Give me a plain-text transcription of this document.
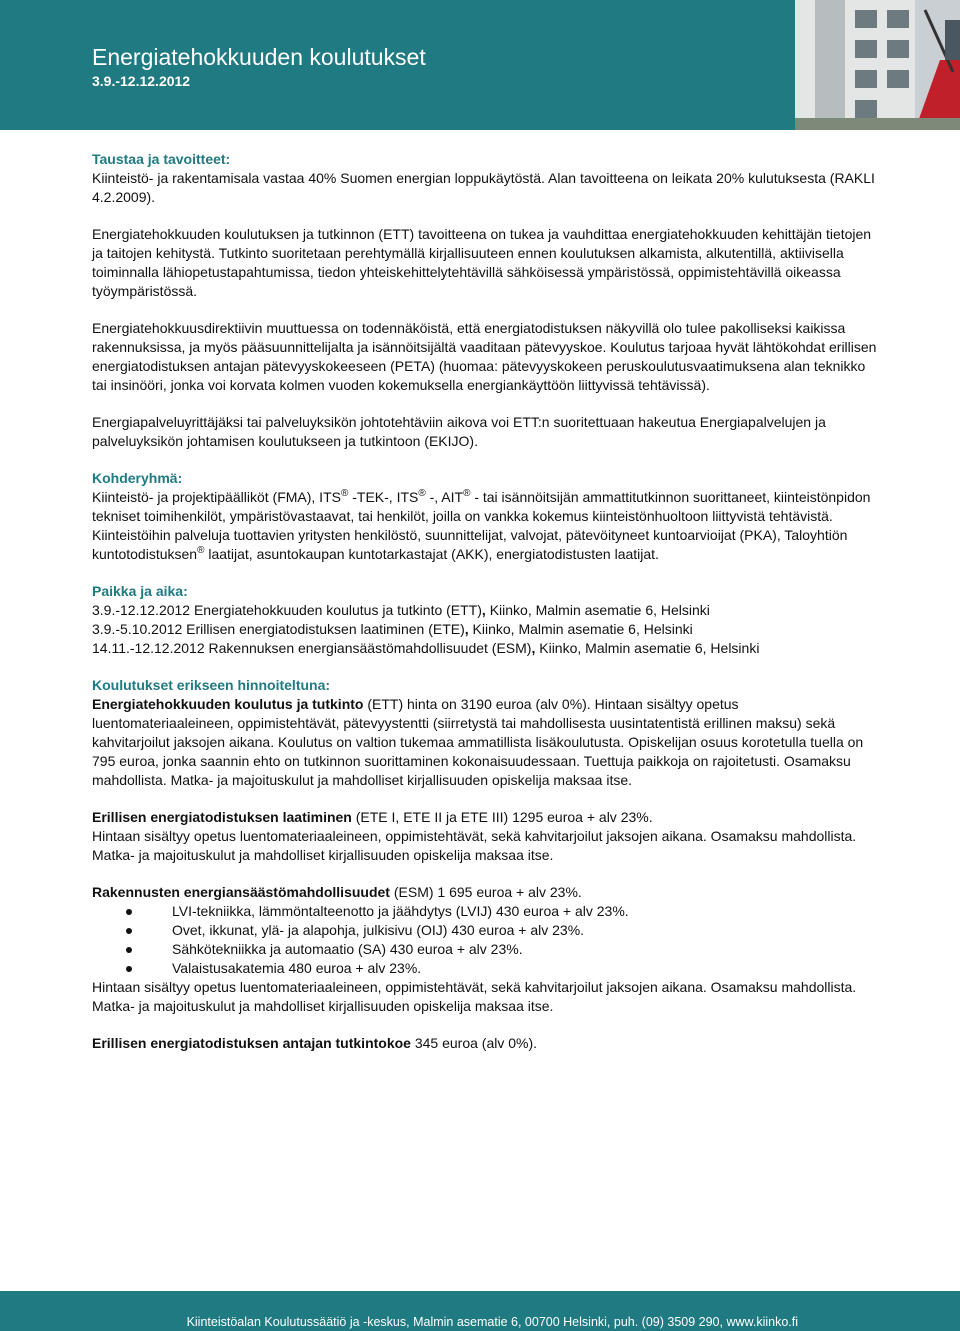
Energiatehokkuuden koulutukset
3.9.-12.12.2012

Taustaa ja tavoitteet:

Kiinteistö- ja rakentamisala vastaa 40% Suomen energian loppukäytöstä. Alan tavoitteena on leikata 20% kulutuksesta (RAKLI 4.2.2009).

Energiatehokkuuden koulutuksen ja tutkinnon (ETT) tavoitteena on tukea ja vauhdittaa energiatehokkuuden kehittäjän tietojen ja taitojen kehitystä. Tutkinto suoritetaan perehtymällä kirjallisuuteen ennen koulutuksen alkamista, alkutentillä, aktiivisella toiminnalla lähiopetustapahtumissa, tiedon yhteiskehittelytehtävillä sähköisessä ympäristössä, oppimistehtävillä oikeassa työympäristössä.

Energiatehokkuusdirektiivin muuttuessa on todennäköistä, että energiatodistuksen näkyvillä olo tulee pakolliseksi kaikissa rakennuksissa, ja myös pääsuunnittelijalta ja isännöitsijältä vaaditaan pätevyyskoe. Koulutus tarjoaa hyvät lähtökohdat erillisen energiatodistuksen antajan pätevyyskokeeseen (PETA) (huomaa: pätevyyskokeen peruskoulutusvaatimuksena alan teknikko tai insinööri, jonka voi korvata kolmen vuoden kokemuksella energiankäyttöön liittyvissä tehtävissä).

Energiapalveluyrittäjäksi tai palveluyksikön johtotehtäviin aikova voi ETT:n suoritettuaan hakeutua Energiapalvelujen ja palveluyksikön johtamisen koulutukseen ja tutkintoon (EKIJO).

Kohderyhmä:

Kiinteistö- ja projektipäälliköt (FMA), ITS® -TEK-, ITS® -, AIT® - tai isännöitsijän ammattitutkinnon suorittaneet, kiinteistönpidon tekniset toimihenkilöt, ympäristövastaavat, tai henkilöt, joilla on vankka kokemus kiinteistönhuoltoon liittyvistä tehtävistä. Kiinteistöihin palveluja tuottavien yritysten henkilöstö, suunnittelijat, valvojat, pätevöityneet kuntoarvioijat (PKA), Taloyhtiön kuntotodistuksen® laatijat, asuntokaupan kuntotarkastajat (AKK), energiatodistusten laatijat.

Paikka ja aika:

3.9.-12.12.2012 Energiatehokkuuden koulutus ja tutkinto (ETT), Kiinko, Malmin asematie 6, Helsinki

3.9.-5.10.2012 Erillisen energiatodistuksen laatiminen (ETE), Kiinko, Malmin asematie 6, Helsinki

14.11.-12.12.2012 Rakennuksen energiansäästömahdollisuudet (ESM), Kiinko, Malmin asematie 6, Helsinki

Koulutukset erikseen hinnoiteltuna:

Energiatehokkuuden koulutus ja tutkinto (ETT) hinta on 3190 euroa (alv 0%). Hintaan sisältyy opetus luentomateriaaleineen, oppimistehtävät, pätevyystentti (siirretystä tai mahdollisesta uusintatentistä erillinen maksu) sekä kahvitarjoilut jaksojen aikana. Koulutus on valtion tukemaa ammatillista lisäkoulutusta. Opiskelijan osuus korotetulla tuella on 795 euroa, jonka saannin ehto on tutkinnon suorittaminen kokonaisuudessaan. Tuettuja paikkoja on rajoitetusti. Osamaksu mahdollista. Matka- ja majoituskulut ja mahdolliset kirjallisuuden opiskelija maksaa itse.

Erillisen energiatodistuksen laatiminen (ETE I, ETE II ja ETE III) 1295 euroa + alv 23%.

Hintaan sisältyy opetus luentomateriaaleineen, oppimistehtävät, sekä kahvitarjoilut jaksojen aikana. Osamaksu mahdollista. Matka- ja majoituskulut ja mahdolliset kirjallisuuden opiskelija maksaa itse.

Rakennusten energiansäästömahdollisuudet (ESM) 1 695 euroa + alv 23%.

LVI-tekniikka, lämmöntalteenotto ja jäähdytys (LVIJ) 430 euroa + alv 23%.
Ovet, ikkunat, ylä- ja alapohja, julkisivu (OIJ) 430 euroa + alv 23%.
Sähkötekniikka ja automaatio (SA) 430 euroa + alv 23%.
Valaistusakatemia 480 euroa + alv 23%.

Hintaan sisältyy opetus luentomateriaaleineen, oppimistehtävät, sekä kahvitarjoilut jaksojen aikana. Osamaksu mahdollista. Matka- ja majoituskulut ja mahdolliset kirjallisuuden opiskelija maksaa itse.

Erillisen energiatodistuksen antajan tutkintokoe 345 euroa (alv 0%).

Kiinteistöalan Koulutussäätiö ja -keskus, Malmin asematie 6, 00700 Helsinki, puh. (09) 3509 290, www.kiinko.fi
